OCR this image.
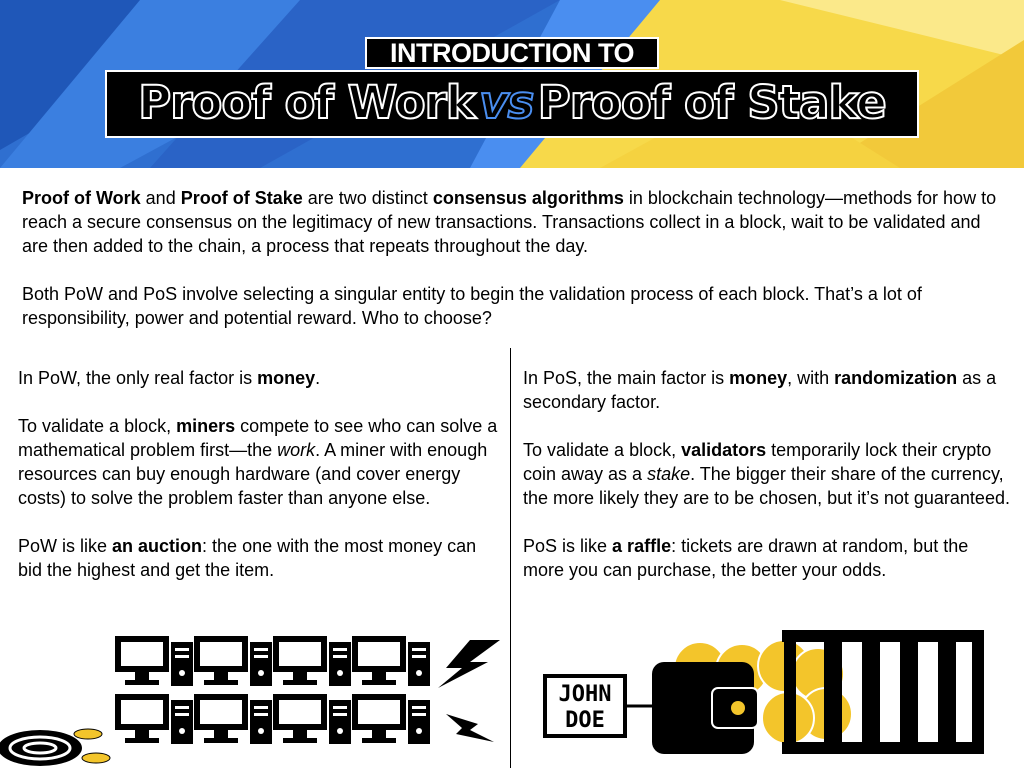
INTRODUCTION TO
Proof of Work vs Proof of Stake

Proof of Work and Proof of Stake are two distinct consensus algorithms in blockchain technology—methods for how to reach a secure consensus on the legitimacy of new transactions. Transactions collect in a block, wait to be validated and are then added to the chain, a process that repeats throughout the day.

Both PoW and PoS involve selecting a singular entity to begin the validation process of each block. That’s a lot of responsibility, power and potential reward. Who to choose?

In PoW, the only real factor is money.

To validate a block, miners compete to see who can solve a mathematical problem first—the work. A miner with enough resources can buy enough hardware (and cover energy costs) to solve the problem faster than anyone else.

PoW is like an auction: the one with the most money can bid the highest and get the item.

In PoS, the main factor is money, with randomization as a secondary factor.

To validate a block, validators temporarily lock their crypto coin away as a stake. The bigger their share of the currency, the more likely they are to be chosen, but it’s not guaranteed.

PoS is like a raffle: tickets are drawn at random, but the more you can purchase, the better your odds.

JOHN
DOE
